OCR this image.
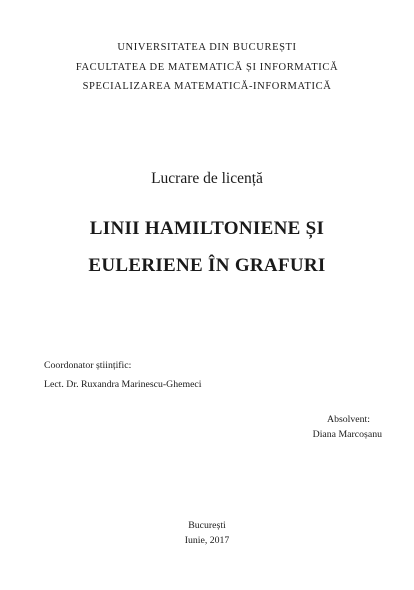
UNIVERSITATEA DIN BUCUREȘTI
FACULTATEA DE MATEMATICĂ ȘI INFORMATICĂ
SPECIALIZAREA MATEMATICĂ-INFORMATICĂ
Lucrare de licență
LINII HAMILTONIENE ȘI
EULERIENE ÎN GRAFURI
Coordonator științific:
Lect. Dr. Ruxandra Marinescu-Ghemeci
Absolvent:
Diana Marcoșanu
București
Iunie, 2017
